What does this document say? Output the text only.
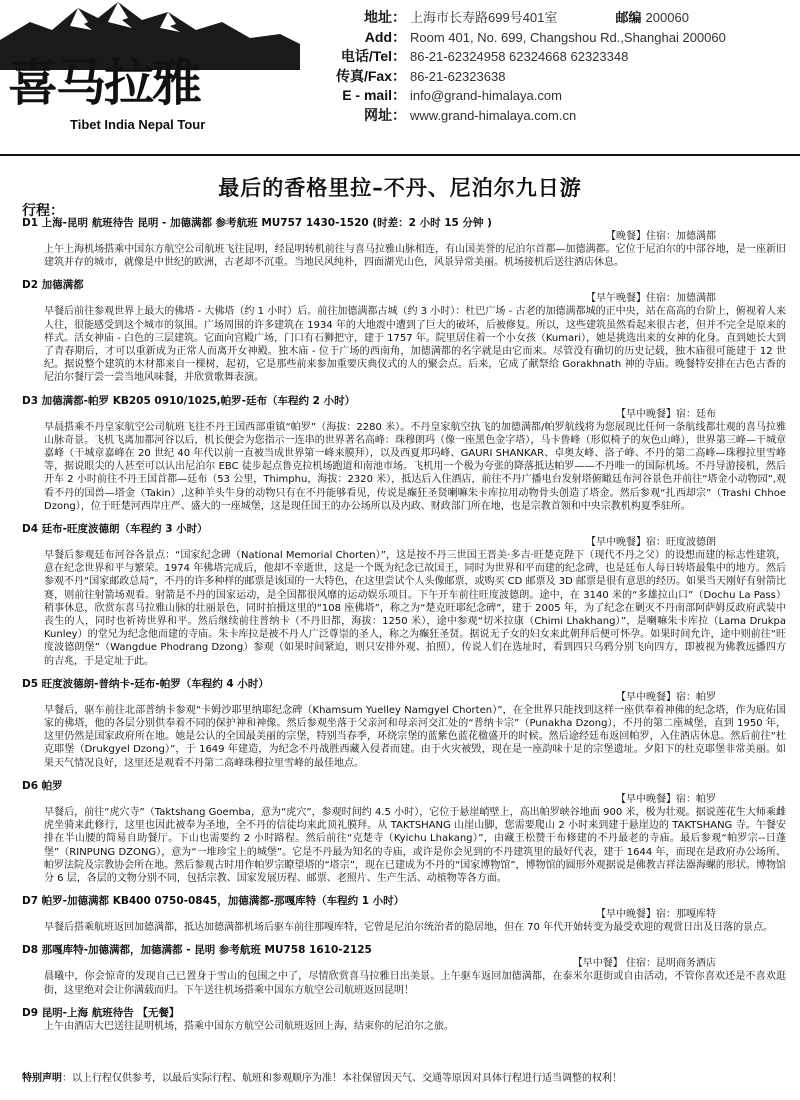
喜马拉雅
Tibet India Nepal Tour
地址： 上海市长寿路699号401室	邮编 200060
Add： Room 401, No. 699, Changshou Rd.,Shanghai 200060
电话/Tel： 86-21-62324958 62324668 62323348
传真/Fax： 86-21-62323638
E - mail： info@grand-himalaya.com
网址： www.grand-himalaya.com.cn
最后的香格里拉–不丹、尼泊尔九日游
行程：
D1 上海-昆明 航班待告 昆明 - 加德满都 参考航班 MU757 1430-1520 (时差：2 小时 15 分钟 )
【晚餐】住宿：加德满都
上午上海机场搭乘中国东方航空公司航班飞往昆明，经昆明转机前往与喜马拉雅山脉相连，有山国美誉的尼泊尔首都—加德满都。它位于尼泊尔的中部谷地，是一座新旧建筑并存的城市，就像是中世纪的欧洲，古老却不沉重。当地民风纯朴，四面湖光山色，风景异常美丽。机场接机后送往酒店休息。
D2 加德满都
【早午晚餐】住宿：加德满都
早餐后前往参观世界上最大的佛塔 - 大佛塔（约 1 小时）后。前往加德满都古城（约 3 小时）：杜巴广场 - 古老的加德满都城的正中央，站在高高的台阶上，俯视着人来人往，很能感受到这个城市的氛围。广场周围的许多建筑在 1934 年的大地震中遭到了巨大的破坏，后被修复。所以，这些建筑虽然看起来很古老，但并不完全是原来的样式。活女神庙 - 白色的三层建筑。它面向宫殿广场，门口有石狮把守，建于 1757 年。院里居住着一个小女孩（Kumari），她是挑选出来的女神的化身。直到她长大到了青春期后，才可以重新成为正常人而离开女神殿。独木庙 - 位于广场的西南角，加德满都的名字就是由它而来。尽管没有确切的历史记载，独木庙很可能建于 12 世纪。据说整个建筑的木材都来自一棵树，起初，它是那些前来参加重要庆典仪式的人的聚会点。后来，它成了献祭给 Gorakhnath 神的寺庙。晚餐特安排在古色古香的尼泊尔餐厅尝一尝当地风味餐，并欣赏歌舞表演。
D3 加德满都-帕罗 KB205 0910/1025,帕罗-廷布（车程约 2 小时）
【早中晚餐】宿：廷布
早晨搭乘不丹皇家航空公司航班飞往不丹王国西部重镇“帕罗”（海拔：2280 米）。不丹皇家航空执飞的加德满都/帕罗航线将为您展现比任何一条航线都壮观的喜马拉雅山脉奇景。飞机飞离加都河谷以后，机长便会为您指示一连串的世界著名高峰：珠穆朗玛（像一座黑色金字塔），马卡鲁峰（形似椅子的灰色山峰），世界第三峰—干城章嘉峰（干城章嘉峰在 20 世纪 40 年代以前一直被当成世界第一峰来膜拜），以及西夏邦玛峰、GAURI SHANKAR、卓奥友峰、洛子峰、不丹的第二高峰—珠穆拉里雪峰等，据说眼尖的人甚至可以认出尼泊尔 EBC 徒步起点鲁克拉机场跑道和南池市场。飞机用一个极为夸张的降落抵达帕罗——不丹唯一的国际机场。不丹导游接机，然后开车 2 小时前往不丹王国首都—廷布（53 公里，Thimphu，海拔：2320 米），抵达后入住酒店，前往不丹广播电台发射塔俯瞰廷布河谷景色并前往“塔金小动物园”,观看不丹的国兽—塔金（Takin）,这种羊头牛身的动物只有在不丹能够看见，传说是癫狂圣贤喇嘛朱卡库拉用动物骨头创造了塔金。然后参观“扎西却宗”（Trashi Chhoe Dzong），位于旺楚河西岸庄严、盛大的一座城堡，这是现任国王的办公场所以及内政、财政部门所在地，也是宗教首领和中央宗教机构夏季驻所。
D4 廷布-旺度波德朗（车程约 3 小时）
【早中晚餐】宿：旺度波德朗
早餐后参观廷布河谷各景点：“国家纪念碑（National Memorial Chorten）”，这是按不丹三世国王晋美·多吉·旺楚克陛下（现代不丹之父）的设想而建的标志性建筑，意在纪念世界和平与繁荣。1974 年佛塔完成后，他却不幸逝世，这是一个既为纪念已故国王，同时为世界和平而建的纪念碑，也是廷布人每日转塔最集中的地方。然后参观不丹“国家邮政总局”，不丹的许多种样的邮票是该国的一大特色，在这里尝试个人头像邮票，或购买 CD 邮票及 3D 邮票是很有意思的经历。如果当天刚好有射箭比赛，则前往射箭场观看。射箭是不丹的国家运动，是全国都很风靡的运动娱乐项目。下午开车前往旺度波德朗。途中，在 3140 米的“多雄拉山口”（Dochu La Pass）稍事休息，欣赏东喜马拉雅山脉的壮丽景色，同时拍摄这里的“108 座佛塔”，称之为“楚克旺耶纪念碑”，建于 2005 年，为了纪念在剿灭不丹南部阿萨姆反政府武装中丧生的人，同时也祈祷世界和平。然后继续前往普纳卡（不丹旧都，海拔：1250 米），途中参观“切米拉康（Chimi Lhakhang）”，是喇嘛朱卡库拉（Lama Drukpa Kunley）的堂兄为纪念他而建的寺庙。朱卡库拉是被不丹人广泛尊崇的圣人，称之为癫狂圣贤。据说无子女的妇女来此朝拜后便可怀孕。如果时间允许，途中则前往“旺度波德朗堡”（Wangdue Phodrang Dzong）参观（如果时间紧迫，则只安排外观、拍照），传说人们在选址时，看到四只乌鸦分别飞向四方，即被视为佛教远播四方的吉兆，于是定址于此。
D5 旺度波德朗-普纳卡-廷布-帕罗（车程约 4 小时）
【早中晚餐】宿：帕罗
早餐后，驱车前往北部普纳卡参观“卡姆沙耶里纳耶纪念碑（Khamsum Yuelley Namgyel Chorten）”，在全世界只能找到这样一座供奉着神佛的纪念塔，作为庇佑国家的佛塔，他的各层分别供奉着不同的保护神和神像。然后参观坐落于父亲河和母亲河交汇处的“普纳卡宗”（Punakha Dzong），不丹的第二座城堡，直到 1950 年，这里仍然是国家政府所在地。她是公认的全国最美丽的宗堡，特别当春季，环绕宗堡的蓝紫色蓝花楹盛开的时候。然后途经廷布返回帕罗，入住酒店休息。然后前往“杜克耶堡（Drukgyel Dzong）”，于 1649 年建造，为纪念不丹战胜西藏入侵者而建。由于火灾被毁，现在是一座韵味十足的宗堡遗址。夕阳下的杜克耶堡非常美丽。如果天气情况良好，这里还是观看不丹第二高峰珠穆拉里雪峰的最佳地点。
D6 帕罗
【早中晚餐】宿：帕罗
早餐后，前往“虎穴寺”（Taktshang Goemba，意为“虎穴”，参观时间约 4.5 小时），它位于悬崖峭壁上，高出帕罗峡谷地面 900 米，极为壮观。据说莲花生大师乘雌虎坐骑来此修行，这里也因此被奉为圣地，全不丹的信徒均来此顶礼膜拜。从 TAKTSHANG 山崖山脚，您需要爬山 2 小时来到建于悬崖边的 TAKTSHANG 寺。午餐安排在半山腰的简易自助餐厅。下山也需要约 2 小时路程。然后前往“克楚寺（Kyichu Lhakang）”，由藏王松赞干布修建的不丹最老的寺庙。最后参观“帕罗宗--日蓬堡”（RINPUNG DZONG），意为“一堆珍宝上的城堡”。它是不丹最为知名的寺庙，或许是你会见到的不丹建筑里的最好代表，建于 1644 年，而现在是政府办公场所、帕罗法院及宗教协会所在地。然后参观古时用作帕罗宗瞭望塔的“塔宗”，现在已建成为不丹的“国家博物馆”，博物馆的圆形外观据说是佛教吉祥法器海螺的形状。博物馆分 6 层，各层的文物分别不同，包括宗教、国家发展历程、邮票、老照片、生产生活、动植物等各方面。
D7 帕罗-加德满都 KB400 0750-0845，加德满都-那嘎库特（车程约 1 小时）
【早中晚餐】宿：那嘎库特
早餐后搭乘航班返回加德满都，抵达加德满都机场后驱车前往那嘎库特，它曾是尼泊尔统治者的隐居地，但在 70 年代开始转变为最受欢迎的观赏日出及日落的景点。
D8 那嘎库特-加德满都，加德满都 - 昆明 参考航班 MU758 1610-2125
【早中餐】 住宿：昆明商务酒店
晨曦中，你会惊奇的发现自己已置身于雪山的包围之中了，尽情欣赏喜马拉雅日出美景。上午驱车返回加德满都，在泰米尔逛街或自由活动，不管你喜欢还是不喜欢逛街，这里绝对会让你满载而归。下午送往机场搭乘中国东方航空公司航班返回昆明！
D9 昆明-上海 航班待告 【无餐】
上午由酒店大巴送往昆明机场，搭乘中国东方航空公司航班返回上海，结束你的尼泊尔之旅。
特别声明：以上行程仅供参考，以最后实际行程、航班和参观顺序为准！本社保留因天气、交通等原因对具体行程进行适当调整的权利！
